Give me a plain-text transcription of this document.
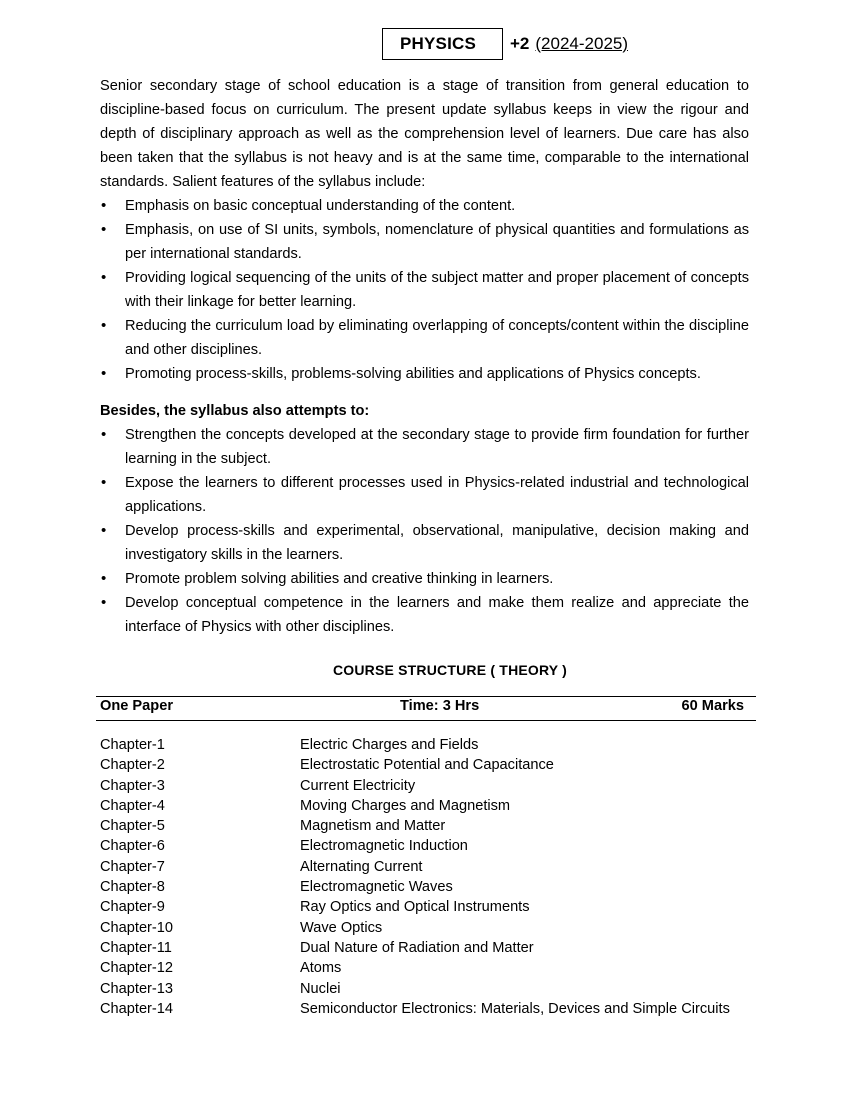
PHYSICS	+2 (2024-2025)

Senior secondary stage of school education is a stage of transition from general education to discipline-based focus on curriculum. The present update syllabus keeps in view the rigour and depth of disciplinary approach as well as the comprehension level of learners. Due care has also been taken that the syllabus is not heavy and is at the same time, comparable to the international standards. Salient features of the syllabus include:

• Emphasis on basic conceptual understanding of the content.
• Emphasis, on use of SI units, symbols, nomenclature of physical quantities and formulations as per international standards.
• Providing logical sequencing of the units of the subject matter and proper placement of concepts with their linkage for better learning.
• Reducing the curriculum load by eliminating overlapping of concepts/content within the discipline and other disciplines.
• Promoting process-skills, problems-solving abilities and applications of Physics concepts.

Besides, the syllabus also attempts to:

• Strengthen the concepts developed at the secondary stage to provide firm foundation for further learning in the subject.
• Expose the learners to different processes used in Physics-related industrial and technological applications.
• Develop process-skills and experimental, observational, manipulative, decision making and investigatory skills in the learners.
• Promote problem solving abilities and creative thinking in learners.
• Develop conceptual competence in the learners and make them realize and appreciate the interface of Physics with other disciplines.
COURSE STRUCTURE ( THEORY )
One Paper	Time: 3 Hrs	60 Marks
Chapter-1	Electric Charges and Fields
Chapter-2	Electrostatic Potential and Capacitance
Chapter-3	Current Electricity
Chapter-4	Moving Charges and Magnetism
Chapter-5	Magnetism and Matter
Chapter-6	Electromagnetic Induction
Chapter-7	Alternating Current
Chapter-8	Electromagnetic Waves
Chapter-9	Ray Optics and Optical Instruments
Chapter-10	Wave Optics
Chapter-11	Dual Nature of Radiation and Matter
Chapter-12	Atoms
Chapter-13	Nuclei
Chapter-14	Semiconductor Electronics: Materials, Devices and Simple Circuits
